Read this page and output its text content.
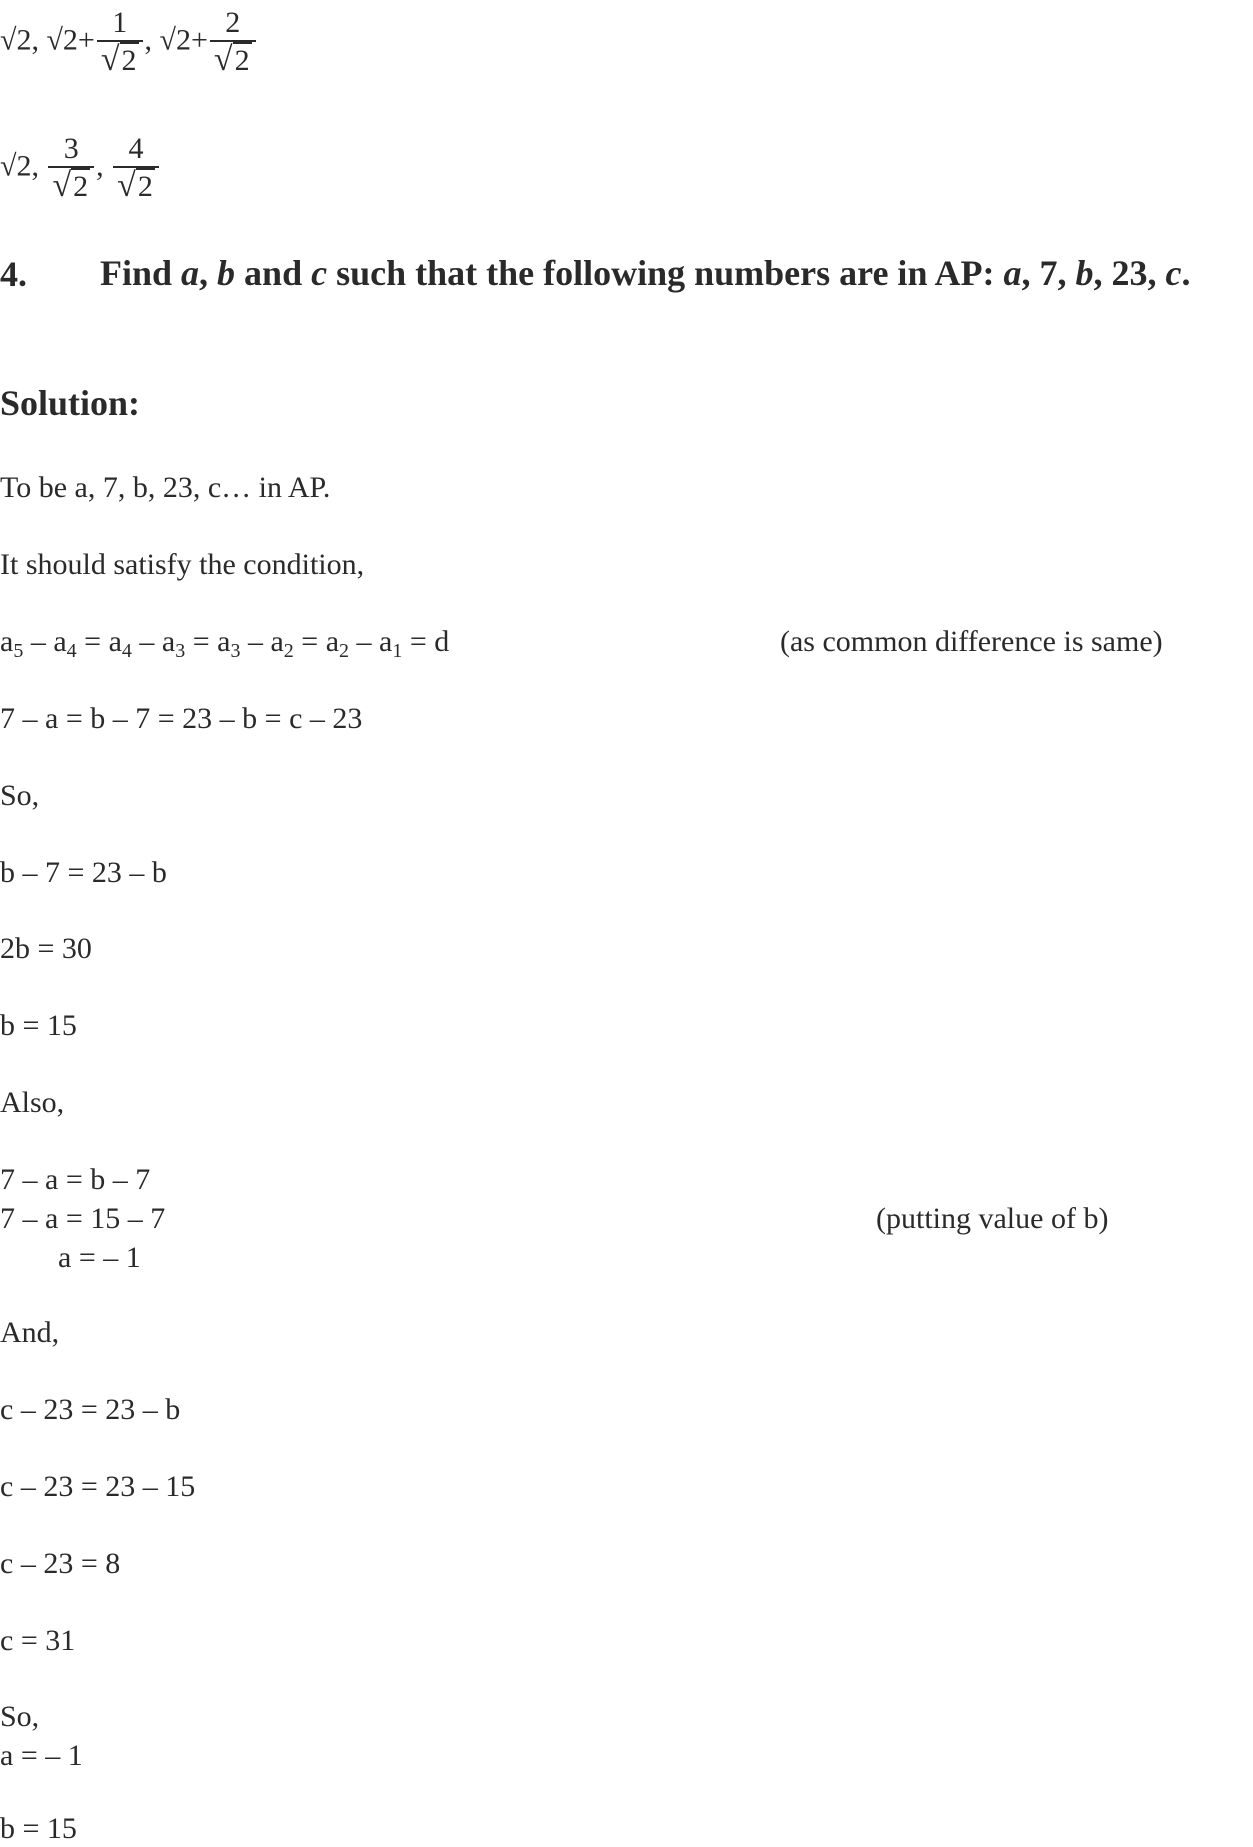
√2, $√2+ \frac{1}{√2}$ , $√2+ \frac{2}{√2}$
√2, $\frac{3}{√2}$ , $\frac{4}{√2}$
4. Find a, b and c such that the following numbers are in AP: a, 7, b, 23, c.
Solution:
To be a, 7, b, 23, c… in AP.
It should satisfy the condition,
$a_5 - a_4 = a_4 - a_3 = a_3 - a_2 = a_2 - a_1 = d$	(as common difference is same)
7 – a = b – 7 = 23 – b = c – 23
So,
b – 7 = 23 – b
2b = 30
b = 15
Also,
7 – a = b – 7
7 – a = 15 – 7	(putting value of b)
a = – 1
And,
c – 23 = 23 – b
c – 23 = 23 – 15
c – 23 = 8
c = 31
So,
a = – 1
b = 15
